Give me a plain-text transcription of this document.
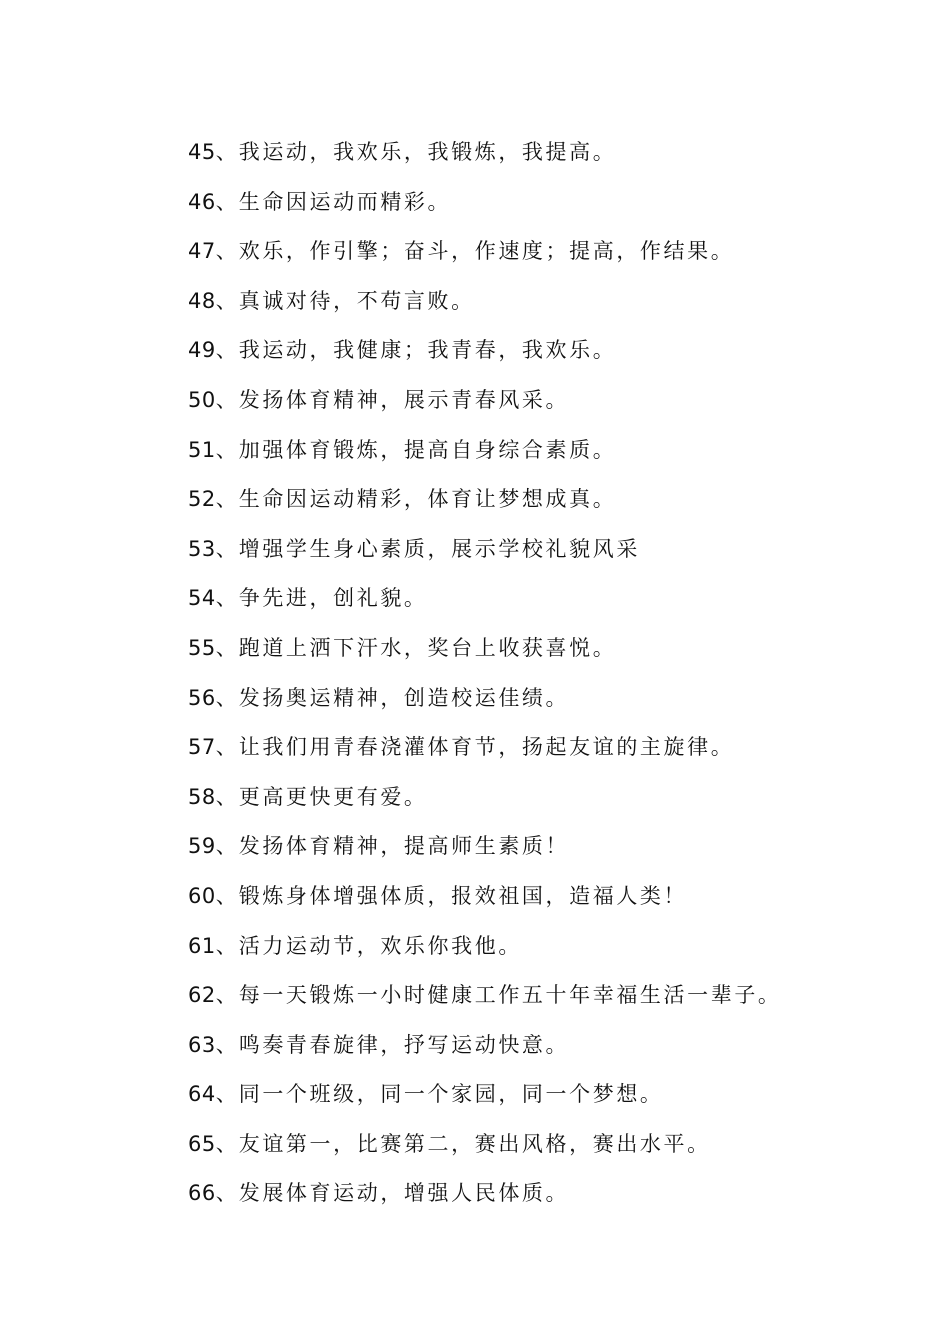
45 、 我运动，我欢乐，我锻炼，我提高。
46 、 生命因运动而精彩。
47 、 欢乐，作引擎；奋斗，作速度；提高，作结果。
48 、 真诚对待，不苟言败。
49 、 我运动，我健康；我青春，我欢乐。
50 、 发扬体育精神，展示青春风采。
51 、 加强体育锻炼，提高自身综合素质。
52 、 生命因运动精彩，体育让梦想成真。
53 、 增强学生身心素质，展示学校礼貌风采
54 、 争先进，创礼貌。
55 、 跑道上洒下汗水，奖台上收获喜悦。
56 、 发扬奥运精神，创造校运佳绩。
57 、 让我们用青春浇灌体育节，扬起友谊的主旋律。
58 、 更高更快更有爱。
59 、 发扬体育精神，提高师生素质！
60 、 锻炼身体增强体质，报效祖国，造福人类！
61 、 活力运动节，欢乐你我他。
62 、 每一天锻炼一小时健康工作五十年幸福生活一辈子。
63 、 鸣奏青春旋律，抒写运动快意。
64 、 同一个班级，同一个家园，同一个梦想。
65 、 友谊第一，比赛第二，赛出风格，赛出水平。
66 、 发展体育运动，增强人民体质。
